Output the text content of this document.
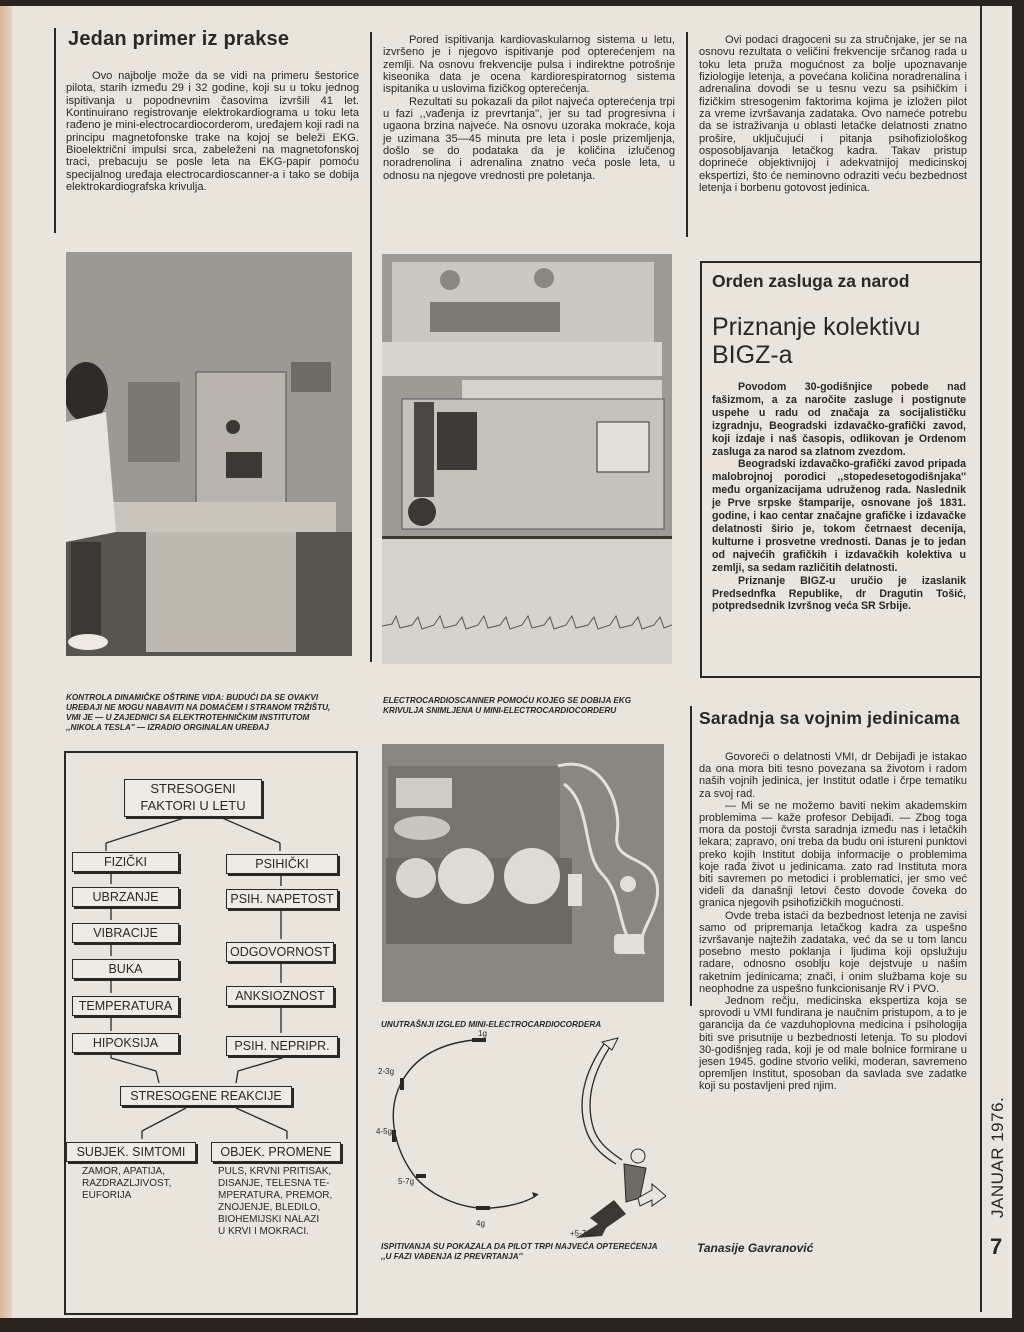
Jedan primer iz prakse

Ovo najbolje može da se vidi na primeru šestorice pilota, starih između 29 i 32 godine, koji su u toku jednog ispitivanja u popodnevnim časovima izvršili 41 let. Kontinuirano registrovanje elektrokardiograma u toku leta rađeno je mini-electrocardiocorderom, uređajem koji radi na principu magnetofonske trake na kojoj se beleži EKG. Bioelektrični impulsi srca, zabeleženi na magnetofonskoj traci, prebacuju se posle leta na EKG-papir pomoću specijalnog uređaja electrocardioscanner-a i tako se dobija elektrokardiografska krivulja.

KONTROLA DINAMIČKE OŠTRINE VIDA: BUDUĆI DA SE OVAKVI UREĐAJI NE MOGU NABAVITI NA DOMAĆEM I STRANOM TRŽIŠTU, VMI JE — U ZAJEDNICI SA ELEKTROTEHNIČKIM INSTITUTOM ,,NIKOLA TESLA'' — IZRADIO ORGINALAN UREĐAJ
STRESOGENI
FAKTORI U LETU
FIZIČKI
UBRZANJE
VIBRACIJE
BUKA
TEMPERATURA
HIPOKSIJA
PSIHIČKI
PSIH. NAPETOST
ODGOVORNOST
ANKSIOZNOST
PSIH. NEPRIPR.
STRESOGENE REAKCIJE
SUBJEK. SIMTOMI	OBJEK. PROMENE
ZAMOR, APATIJA,
RAZDRAZLJIVOST,
EUFORIJA
PULS, KRVNI PRITISAK,
DISANJE, TELESNA TE-
MPERATURA, PREMOR,
ZNOJENJE, BLEDILO,
BIOHEMIJSKI NALAZI
U KRVI I MOKRACI.

Pored ispitivanja kardiovaskularnog sistema u letu, izvršeno je i njegovo ispitivanje pod opterećenjem na zemlji. Na osnovu frekvencije pulsa i indirektne potrošnje kiseonika data je ocena kardiorespiratornog sistema ispitanika u uslovima fizičkog opterećenja.

Rezultati su pokazali da pilot najveća opterećenja trpi u fazi ,,vađenja iz prevrtanja'', jer su tad progresivna i ugaona brzina najveće. Na osnovu uzoraka mokraće, koja je uzimana 35—45 minuta pre leta i posle prizemljenja, došlo se do podataka da je količina izlučenog noradrenolina i adrenalina znatno veća posle leta, u odnosu na njegove vrednosti pre poletanja.

ELECTROCARDIOSCANNER POMOĆU KOJEG SE DOBIJA EKG KRIVULJA SNIMLJENA U MINI-ELECTROCARDIOCORDERU
UNUTRAŠNJI IZGLED MINI-ELECTROCARDIOCORDERA
1g
2-3g
4-5g
5-7g
4g
+5-7Gz
ISPITIVANJA SU POKAZALA DA PILOT TRPI NAJVEĆA OPTEREĆENJA ,,U FAZI VAĐENJA IZ PREVRTANJA''

Ovi podaci dragoceni su za stručnjake, jer se na osnovu rezultata o veličini frekvencije srčanog rada u toku leta pruža mogućnost za bolje upoznavanje fiziologije letenja, a povećana količina noradrenalina i adrenalina dovodi se u tesnu vezu sa psihičkim i fizičkim stresogenim faktorima kojima je izložen pilot za vreme izvršavanja zadataka. Ovo nameće potrebu da se istraživanja u oblasti letačke delatnosti znatno prošire, uključujući i pitanja psihofiziološkog osposobljavanja letačkog kadra. Takav pristup doprineće objektivnijoj i adekvatnijoj medicinskoj ekspertizi, što će neminovno odraziti veću bezbednost letenja i borbenu gotovost jedinica.

Orden zasluga za narod
Priznanje kolektivu BIGZ-a

Povodom 30-godišnjice pobede nad fašizmom, a za naročite zasluge i postignute uspehe u radu od značaja za socijalističku izgradnju, Beogradski izdavačko-grafički zavod, koji izdaje i naš časopis, odlikovan je Ordenom zasluga za narod sa zlatnom zvezdom.

Beogradski izdavačko-grafički zavod pripada malobrojnoj porodici ,,stopedesetogodišnjaka'' među organizacijama udruženog rada. Naslednik je Prve srpske štamparije, osnovane još 1831. godine, i kao centar značajne grafičke i izdavačke delatnosti širio je, tokom četrnaest decenija, kulturne i prosvetne vrednosti. Danas je to jedan od najvećih grafičkih i izdavačkih kolektiva u zemlji, sa sedam različitih delatnosti.

Priznanje BIGZ-u uručio je izaslanik Predsednfka Republike, dr Dragutin Tošić, potpredsednik Izvršnog veća SR Srbije.

Saradnja sa vojnim jedinicama

Govoreći o delatnosti VMI, dr Debijađi je istakao da ona mora biti tesno povezana sa životom i radom naših vojnih jedinica, jer Institut odatle i črpe tematiku za svoj rad.

— Mi se ne možemo baviti nekim akademskim problemima — kaže profesor Debijađi. — Zbog toga mora da postoji čvrsta saradnja između nas i letačkih lekara; zapravo, oni treba da budu oni istureni punktovi preko kojih Institut dobija informacije o problemima koje rađa život u jedinicama. zato rad Instituta mora biti savremen po metodici i problematici, jer smo već videli da današnji letovi često dovode čoveka do granica njegovih psihofizičkih mogućnosti.

Ovde treba istaći da bezbednost letenja ne zavisi samo od pripremanja letačkog kadra za uspešno izvršavanje najtežih zadataka, već da se u tom lancu posebno mesto poklanja i ljudima koji opslužuju radare, odnosno osoblju koje dejstvuje u našim raketnim jedinicama; znači, i onim službama koje su neophodne za uspešno funkcionisanje RV i PVO.

Jednom rečju, medicinska ekspertiza koja se sprovodi u VMI fundirana je naučnim pristupom, a to je garancija da će vazduhoplovna medicina i psihologija biti sve prisutnije u bezbednosti letenja. To su plodovi 30-godišnjeg rada, koji je od male bolnice formirane u jesen 1945. godine stvorio veliki, moderan, savremeno opremljen Institut, sposoban da savlada sve zadatke koji su postavljeni pred njim.

Tanasije Gavranović
JANUAR 1976.
7
